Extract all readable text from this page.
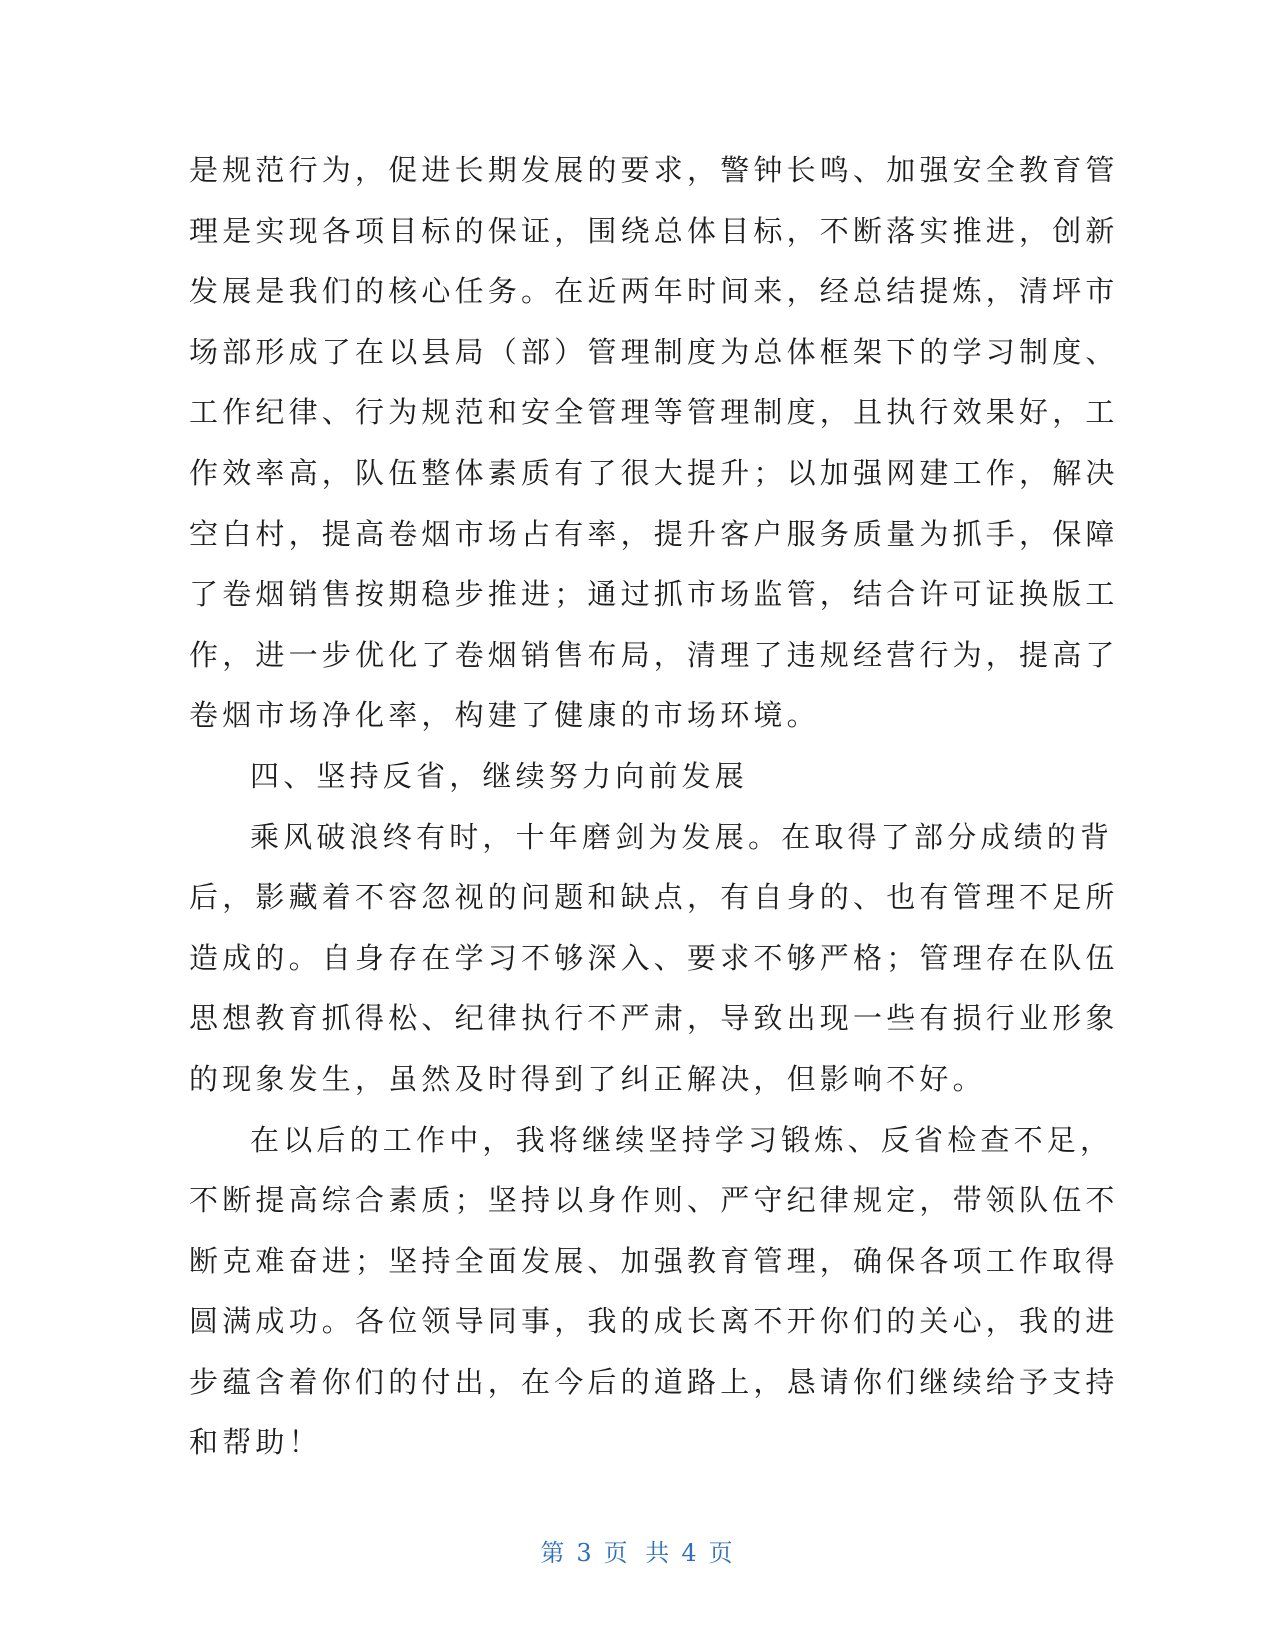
是规范行为，促进长期发展的要求，警钟长鸣、加强安全教育管
理是实现各项目标的保证，围绕总体目标，不断落实推进，创新
发展是我们的核心任务。在近两年时间来，经总结提炼，清坪市
场部形成了在以县局（部）管理制度为总体框架下的学习制度、
工作纪律、行为规范和安全管理等管理制度，且执行效果好，工
作效率高，队伍整体素质有了很大提升；以加强网建工作，解决
空白村，提高卷烟市场占有率，提升客户服务质量为抓手，保障
了卷烟销售按期稳步推进；通过抓市场监管，结合许可证换版工
作，进一步优化了卷烟销售布局，清理了违规经营行为，提高了
卷烟市场净化率，构建了健康的市场环境。
四、坚持反省，继续努力向前发展
乘风破浪终有时，十年磨剑为发展。在取得了部分成绩的背
后，影藏着不容忽视的问题和缺点，有自身的、也有管理不足所
造成的。自身存在学习不够深入、要求不够严格；管理存在队伍
思想教育抓得松、纪律执行不严肃，导致出现一些有损行业形象
的现象发生，虽然及时得到了纠正解决，但影响不好。
在以后的工作中，我将继续坚持学习锻炼、反省检查不足，
不断提高综合素质；坚持以身作则、严守纪律规定，带领队伍不
断克难奋进；坚持全面发展、加强教育管理，确保各项工作取得
圆满成功。各位领导同事，我的成长离不开你们的关心，我的进
步蕴含着你们的付出，在今后的道路上，恳请你们继续给予支持
和帮助！
第 3 页 共 4 页
